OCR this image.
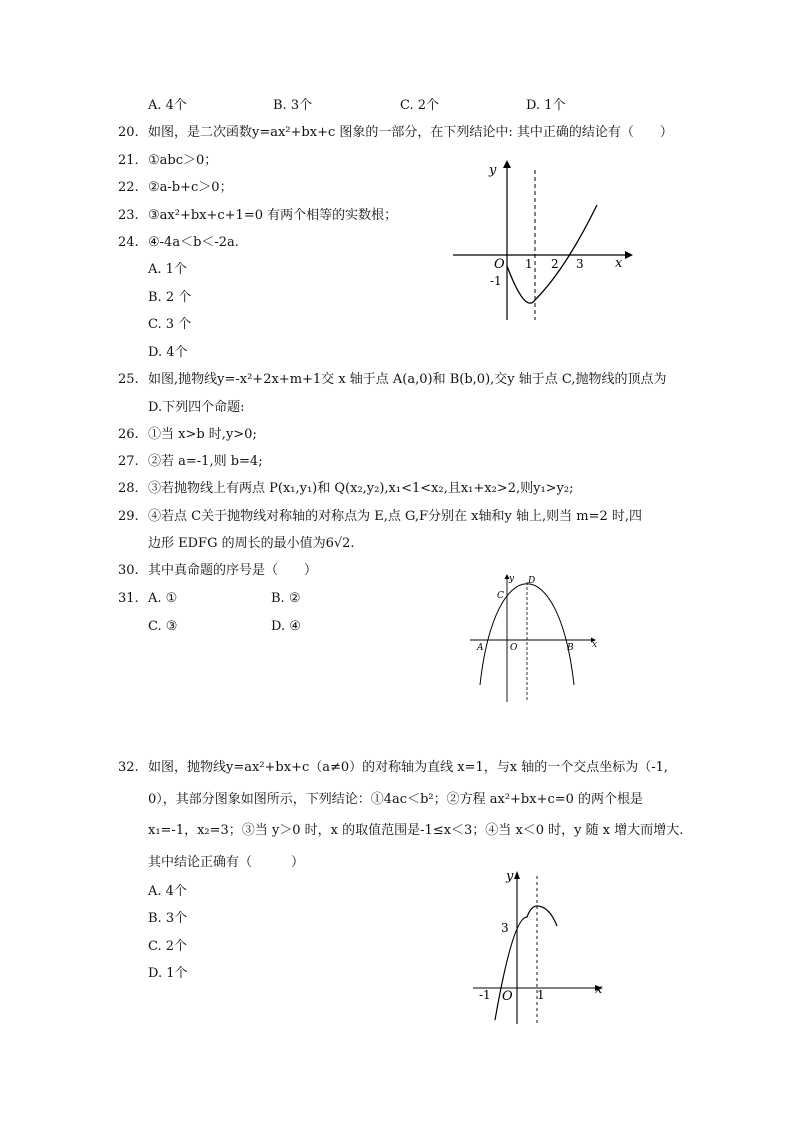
A. 4个	B. 3个	C. 2个	D. 1个
20. 如图，是二次函数y=ax²+bx+c 图象的一部分，在下列结论中: 其中正确的结论有（　　）
21. ①abc＞0；
22. ②a-b+c＞0；
23. ③ax²+bx+c+1=0 有两个相等的实数根；
24. ④-4a＜b＜-2a.
A. 1个
B. 2 个
C. 3 个
D. 4个
y
x
O 1 2 3
-1
25. 如图,抛物线y=-x²+2x+m+1交 x 轴于点 A(a,0)和 B(b,0),交y 轴于点 C,抛物线的顶点为
D.下列四个命题:
26. ①当 x>b 时,y>0;
27. ②若 a=-1,则 b=4;
28. ③若抛物线上有两点 P(x₁,y₁)和 Q(x₂,y₂),x₁<1<x₂,且x₁+x₂>2,则y₁>y₂;
29. ④若点 C关于抛物线对称轴的对称点为 E,点 G,F分别在 x轴和y 轴上,则当 m=2 时,四
边形 EDFG 的周长的最小值为6√2.
30. 其中真命题的序号是（　　）
31. A. ①	B. ②
C. ③	D. ④
y
x
O
A	B
C
D
32. 如图，抛物线y=ax²+bx+c（a≠0）的对称轴为直线 x=1，与x 轴的一个交点坐标为（-1,
0），其部分图象如图所示，下列结论：①4ac＜b²；②方程 ax²+bx+c=0 的两个根是
x₁=-1，x₂=3；③当 y＞0 时，x 的取值范围是-1≤x＜3；④当 x＜0 时，y 随 x 增大而增大.
其中结论正确有（　　　）
A. 4个
B. 3个
C. 2个
D. 1个
y
x
O
3
-1	1
